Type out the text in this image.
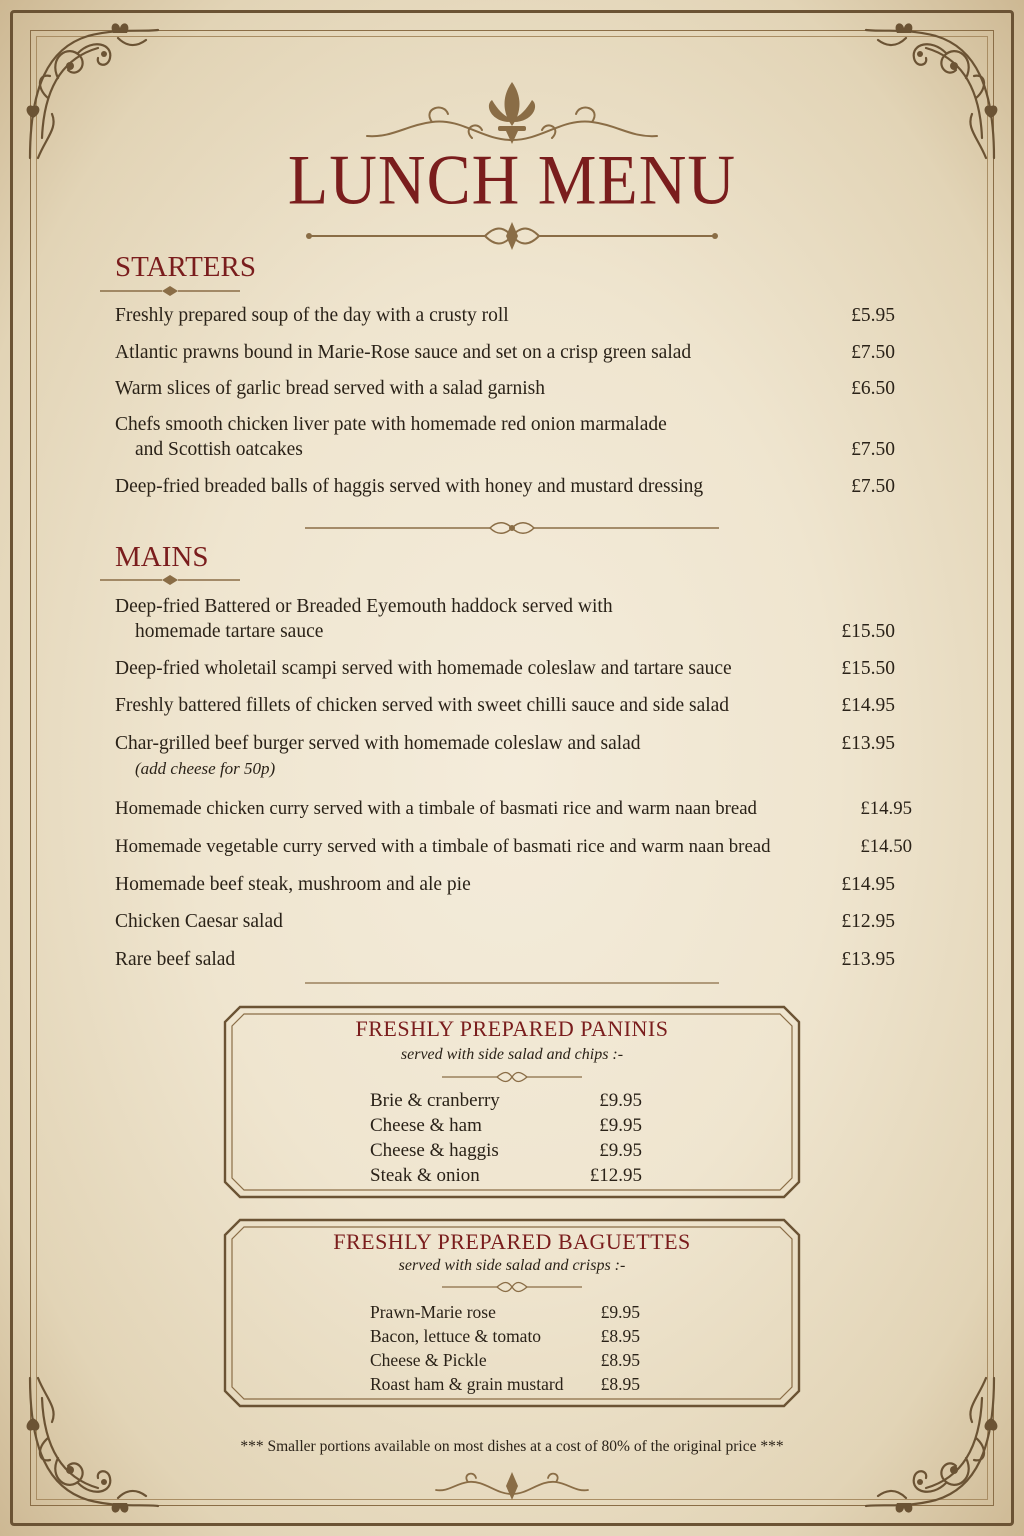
LUNCH MENU
STARTERS
Freshly prepared soup of the day with a crusty roll	£5.95
Atlantic prawns bound in Marie-Rose sauce and set on a crisp green salad	£7.50
Warm slices of garlic bread served with a salad garnish	£6.50
Chefs smooth chicken liver pate with homemade red onion marmalade
and Scottish oatcakes	£7.50
Deep-fried breaded balls of haggis served with honey and mustard dressing	£7.50
MAINS
Deep-fried Battered or Breaded Eyemouth haddock served with
homemade tartare sauce	£15.50
Deep-fried wholetail scampi served with homemade coleslaw and tartare sauce	£15.50
Freshly battered fillets of chicken served with sweet chilli sauce and side salad	£14.95
Char-grilled beef burger served with homemade coleslaw and salad	£13.95
(add cheese for 50p)
Homemade chicken curry served with a timbale of basmati rice and warm naan bread	£14.95
Homemade vegetable curry served with a timbale of basmati rice and warm naan bread	£14.50
Homemade beef steak, mushroom and ale pie	£14.95
Chicken Caesar salad	£12.95
Rare beef salad	£13.95
FRESHLY PREPARED PANINIS
served with side salad and chips :-
Brie & cranberry	£9.95
Cheese & ham	£9.95
Cheese & haggis	£9.95
Steak & onion	£12.95
FRESHLY PREPARED BAGUETTES
served with side salad and crisps :-
Prawn-Marie rose	£9.95
Bacon, lettuce & tomato	£8.95
Cheese & Pickle	£8.95
Roast ham & grain mustard £8.95
*** Smaller portions available on most dishes at a cost of 80% of the original price ***
